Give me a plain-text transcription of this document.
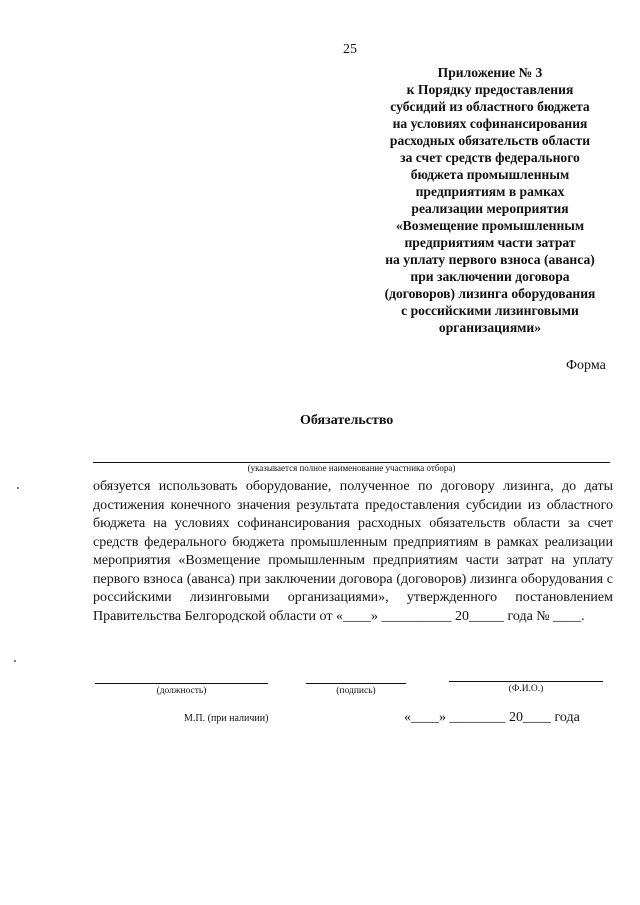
25
Приложение № 3
к Порядку предоставления
субсидий из областного бюджета
на условиях софинансирования
расходных обязательств области
за счет средств федерального
бюджета промышленным
предприятиям в рамках
реализации мероприятия
«Возмещение промышленным
предприятиям части затрат
на уплату первого взноса (аванса)
при заключении договора
(договоров) лизинга оборудования
с российскими лизинговыми
организациями»
Форма
Обязательство
(указывается полное наименование участника отбора)
обязуется использовать оборудование, полученное по договору лизинга, до даты достижения конечного значения результата предоставления субсидии из областного бюджета на условиях софинансирования расходных обязательств области за счет средств федерального бюджета промышленным предприятиям в рамках реализации мероприятия «Возмещение промышленным предприятиям части затрат на уплату первого взноса (аванса) при заключении договора (договоров) лизинга оборудования с российскими лизинговыми организациями», утвержденного постановлением Правительства Белгородской области от «____» __________ 20_____ года № ____.
(должность)	(подпись)	(Ф.И.О.)
М.П. (при наличии)	«____» ________ 20____ года
